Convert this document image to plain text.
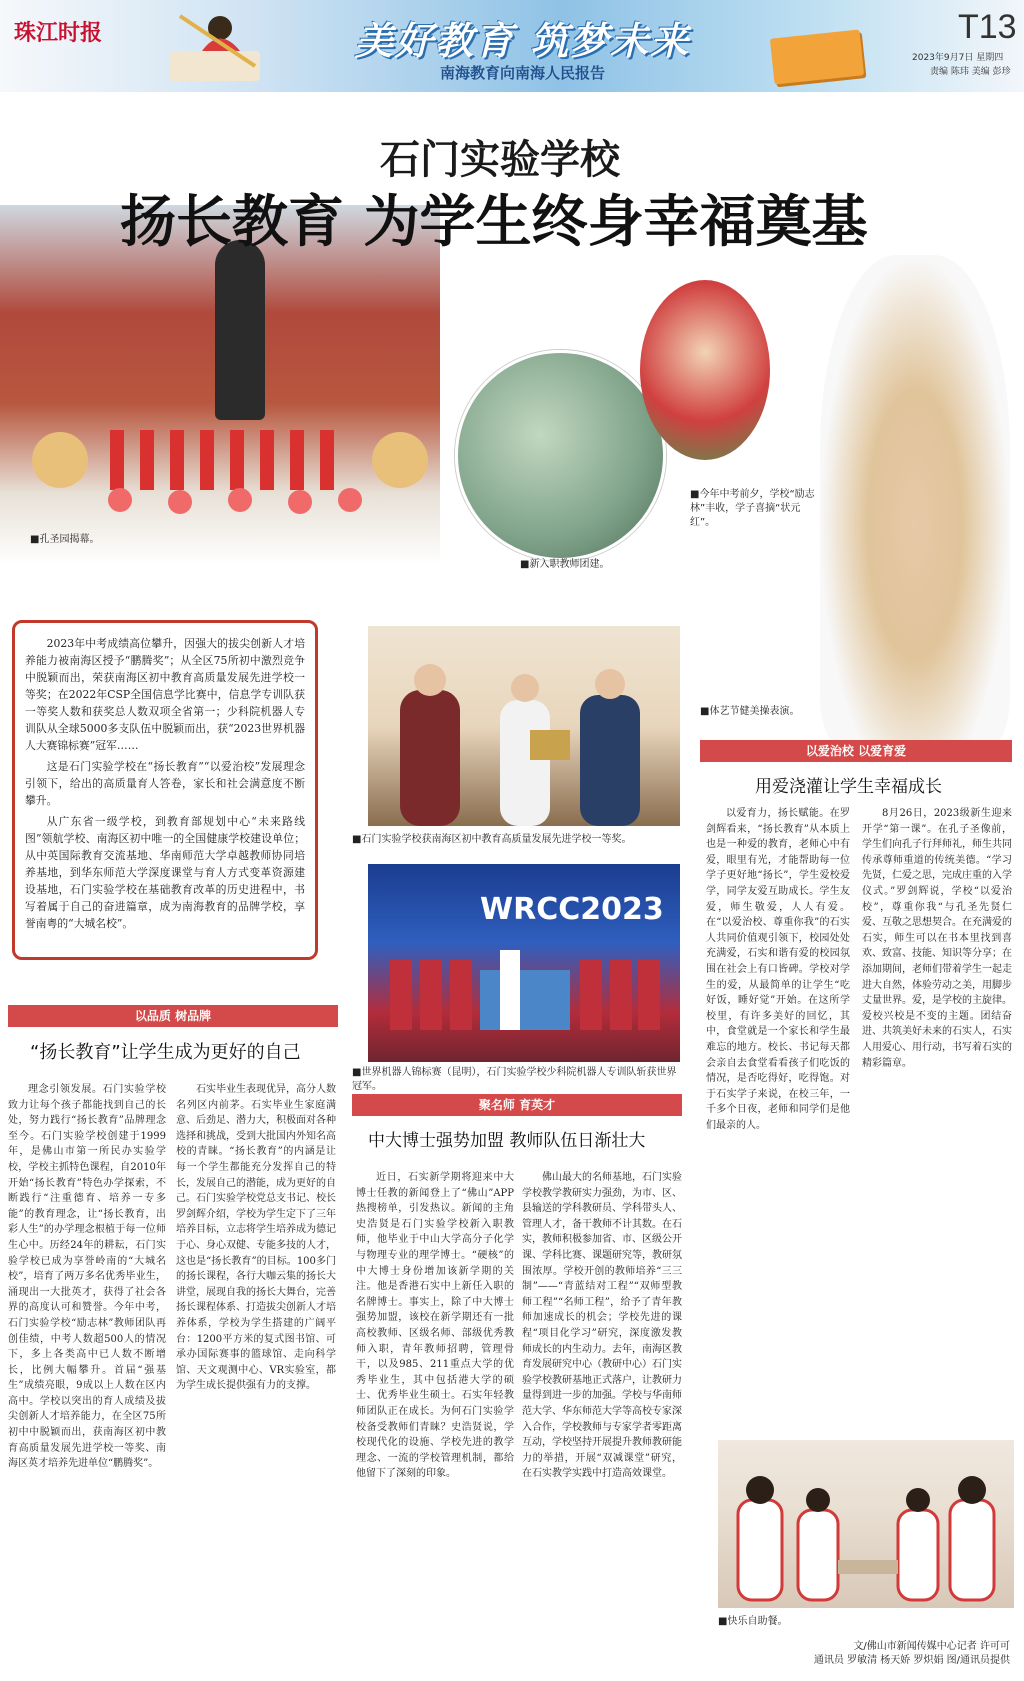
珠江时报	美好教育 筑梦未来
南海教育向南海人民报告
T13
2023年9月7日 星期四
责编 陈玮 美编 彭珍
石门实验学校
扬长教育 为学生终身幸福奠基
■孔圣园揭幕。
■新入职教师团建。
■今年中考前夕，学校“励志林”丰收，学子喜摘“状元红”。
■体艺节健美操表演。

2023年中考成绩高位攀升，因强大的拔尖创新人才培养能力被南海区授予“鹏腾奖”；从全区75所初中激烈竞争中脱颖而出，荣获南海区初中教育高质量发展先进学校一等奖；在2022年CSP全国信息学比赛中，信息学专训队获一等奖人数和获奖总人数双项全省第一；少科院机器人专训队从全球5000多支队伍中脱颖而出，获“2023世界机器人大赛锦标赛”冠军……

这是石门实验学校在“扬长教育”“以爱治校”发展理念引领下，给出的高质量育人答卷，家长和社会满意度不断攀升。

从广东省一级学校，到教育部规划中心“未来路线图”领航学校、南海区初中唯一的全国健康学校建设单位；从中英国际教育交流基地、华南师范大学卓越教师协同培养基地，到华东师范大学深度课堂与育人方式变革资源建设基地，石门实验学校在基础教育改革的历史进程中，书写着属于自己的奋进篇章，成为南海教育的品牌学校，享誉南粤的“大城名校”。

■石门实验学校获南海区初中教育高质量发展先进学校一等奖。
WRCC2023
■世界机器人锦标赛（昆明），石门实验学校少科院机器人专训队斩获世界冠军。
以品质 树品牌
“扬长教育”让学生成为更好的自己

理念引领发展。石门实验学校致力让每个孩子都能找到自己的长处，努力践行“扬长教育”品牌理念至今。石门实验学校创建于1999年，是佛山市第一所民办实验学校，学校主抓特色课程，自2010年开始“扬长教育”特色办学探索，不断践行“注重德育、培养一专多能”的教育理念，让“扬长教育，出彩人生”的办学理念根植于每一位师生心中。历经24年的耕耘，石门实验学校已成为享誉岭南的“大城名校”，培育了两万多名优秀毕业生，涌现出一大批英才，获得了社会各界的高度认可和赞誉。今年中考，石门实验学校“励志林”教师团队再创佳绩，中考人数超500人的情况下，多上各类高中已人数不断增长，比例大幅攀升。首届“强基生”成绩亮眼，9成以上人数在区内高中。学校以突出的育人成绩及拔尖创新人才培养能力，在全区75所初中中脱颖而出，获南海区初中教育高质量发展先进学校一等奖、南海区英才培养先进单位“鹏腾奖”。

石实毕业生表现优异，高分人数名列区内前茅。石实毕业生家庭满意、后劲足、潜力大，积极面对各种选择和挑战，受到大批国内外知名高校的青睐。“扬长教育”的内涵是让每一个学生都能充分发挥自己的特长，发展自己的潜能，成为更好的自己。石门实验学校党总支书记、校长罗剑辉介绍，学校为学生定下了三年培养目标，立志将学生培养成为德记于心、身心双健、专能多技的人才，这也是“扬长教育”的目标。100多门的扬长课程，各行大咖云集的扬长大讲堂，展现自我的扬长大舞台，完善扬长课程体系、打造拔尖创新人才培养体系，学校为学生搭建的广阔平台：1200平方米的复式图书馆、可承办国际赛事的篮球馆、走向科学馆、天文观测中心、VR实验室，都为学生成长提供强有力的支撑。

聚名师 育英才
中大博士强势加盟 教师队伍日渐壮大

近日，石实新学期将迎来中大博士任教的新闻登上了“佛山”APP热搜榜单，引发热议。新闻的主角史浩贤是石门实验学校新入职教师，他毕业于中山大学高分子化学与物理专业的理学博士。“硬核”的中大博士身份增加该新学期的关注。他是香港石实中上新任入职的名牌博士。事实上，除了中大博士强势加盟，该校在新学期还有一批高校教师、区级名师、部级优秀教师入职，青年教师招聘，管理骨干，以及985、211重点大学的优秀毕业生，其中包括港大学的硕士、优秀毕业生硕士。石实年轻教师团队正在成长。为何石门实验学校备受教师们青睐？史浩贤说，学校现代化的设施、学校先进的教学理念、一流的学校管理机制，都给他留下了深刻的印象。

佛山最大的名师基地，石门实验学校教学教研实力强劲，为市、区、县输送的学科教研员、学科带头人、管理人才，备干教师不计其数。在石实，教师积极参加省、市、区级公开课、学科比赛、课题研究等，教研氛围浓厚。学校开创的教师培养“三三制”——“青蓝结对工程”“双师型教师工程”“名师工程”，给予了青年教师加速成长的机会；学校先进的课程“项目化学习”研究，深度激发教师成长的内生动力。去年，南海区教育发展研究中心（教研中心）石门实验学校教研基地正式落户，让教研力量得到进一步的加强。学校与华南师范大学、华东师范大学等高校专家深入合作，学校教师与专家学者零距离互动，学校坚持开展提升教师教研能力的举措，开展“双减课堂”研究，在石实教学实践中打造高效课堂。

以爱治校 以爱育爱
用爱浇灌让学生幸福成长

以爱育力，扬长赋能。在罗剑辉看来，“扬长教育”从本质上也是一种爱的教育，老师心中有爱，眼里有光，才能帮助每一位学子更好地“扬长”，学生爱校爱学，同学友爱互助成长。学生友爱，师生敬爱，人人有爱。在“以爱治校、尊重你我”的石实人共同价值观引领下，校园处处充满爱，石实和谐有爱的校园氛围在社会上有口皆碑。学校对学生的爱，从最简单的让学生“吃好饭，睡好觉”开始。在这所学校里，有许多美好的回忆，其中，食堂就是一个家长和学生最难忘的地方。校长、书记每天都会亲自去食堂看看孩子们吃饭的情况，是否吃得好，吃得饱。对于石实学子来说，在校三年，一千多个日夜，老师和同学们是他们最亲的人。

8月26日，2023级新生迎来开学“第一课”。在孔子圣像前，学生们向孔子行拜师礼，师生共同传承尊师重道的传统美德。“学习先贤，仁爱之思，完成庄重的入学仪式。”罗剑辉说，学校“以爱治校”，尊重你我“与孔圣先贤仁爱、互敬之思想契合。在充满爱的石实，师生可以在书本里找到喜欢、致富、技能、知识等分享；在添加期间，老师们带着学生一起走进大自然，体验劳动之美，用脚步丈量世界。爱，是学校的主旋律。爱校兴校是不变的主题。团结奋进、共筑美好未来的石实人，石实人用爱心、用行动，书写着石实的精彩篇章。

■快乐自助餐。
文/佛山市新闻传媒中心记者 许可可
通讯员 罗敏清 杨天娇 罗炽娟 图/通讯员提供
